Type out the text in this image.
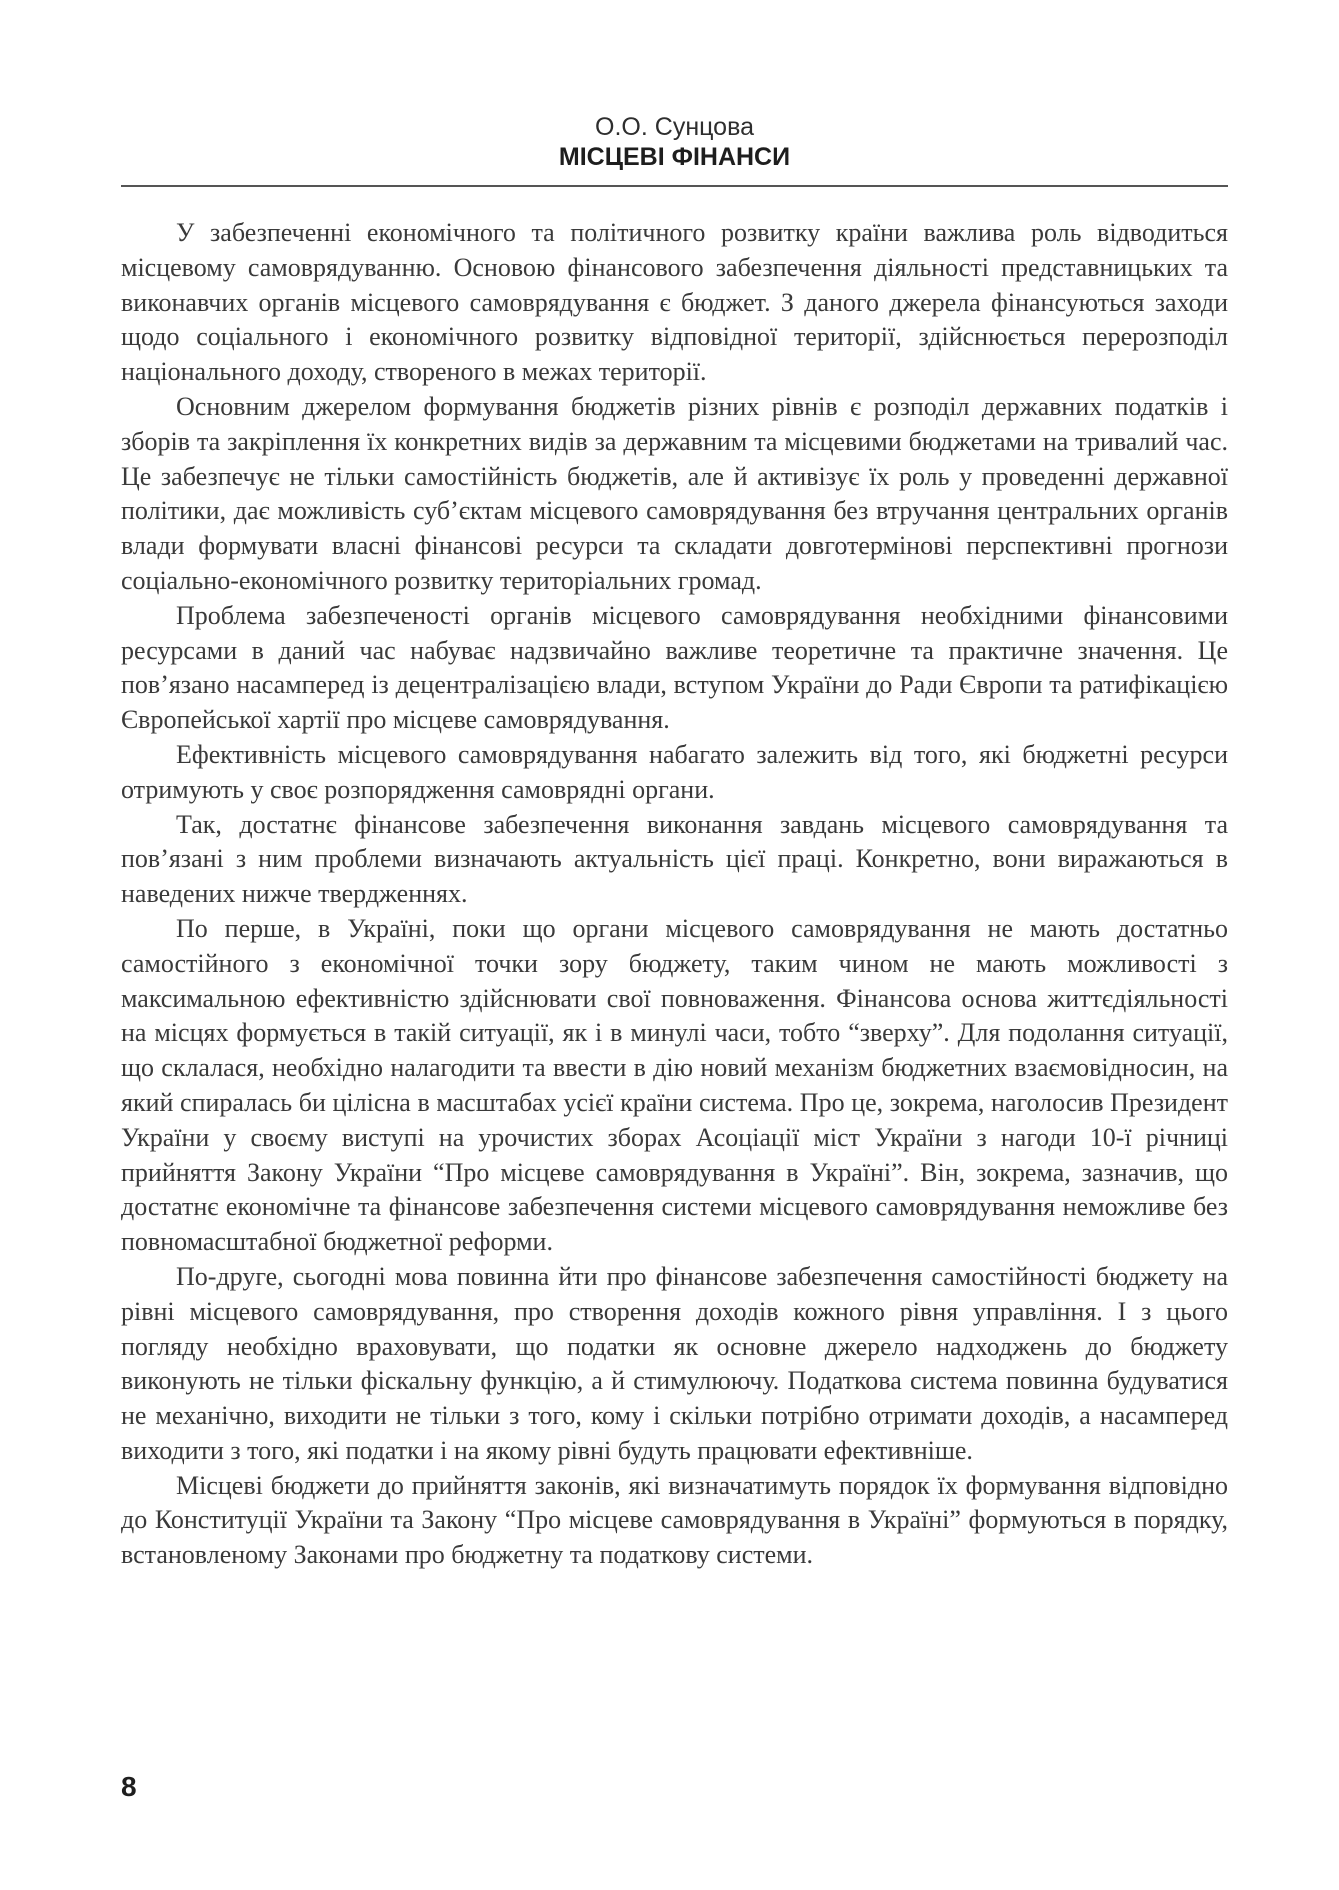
О.О. Сунцова
МІСЦЕВІ ФІНАНСИ

У забезпеченні економічного та політичного розвитку країни важлива роль відводиться місцевому самоврядуванню. Основою фінансового забезпечення діяльності представницьких та виконавчих органів місцевого самоврядування є бюджет. З даного джерела фінансуються заходи щодо соціального і економічного розвитку відповідної території, здійснюється перерозподіл національного доходу, створеного в межах території.

Основним джерелом формування бюджетів різних рівнів є розподіл державних податків і зборів та закріплення їх конкретних видів за державним та місцевими бюджетами на тривалий час. Це забезпечує не тільки самостійність бюджетів, але й активізує їх роль у проведенні державної політики, дає можливість суб’єктам місцевого самоврядування без втручання центральних органів влади формувати власні фінансові ресурси та складати довготермінові перспективні прогнози соціально-економічного розвитку територіальних громад.

Проблема забезпеченості органів місцевого самоврядування необхідними фінансовими ресурсами в даний час набуває надзвичайно важливе теоретичне та практичне значення. Це пов’язано насамперед із децентралізацією влади, вступом України до Ради Європи та ратифікацією Європейської хартії про місцеве самоврядування.

Ефективність місцевого самоврядування набагато залежить від того, які бюджетні ресурси отримують у своє розпорядження самоврядні органи.

Так, достатнє фінансове забезпечення виконання завдань місцевого самоврядування та пов’язані з ним проблеми визначають актуальність цієї праці. Конкретно, вони виражаються в наведених нижче твердженнях.

По перше, в Україні, поки що органи місцевого самоврядування не мають достатньо самостійного з економічної точки зору бюджету, таким чином не мають можливості з максимальною ефективністю здійснювати свої повноваження. Фінансова основа життєдіяльності на місцях формується в такій ситуації, як і в минулі часи, тобто “зверху”. Для подолання ситуації, що склалася, необхідно налагодити та ввести в дію новий механізм бюджетних взаємовідносин, на який спиралась би цілісна в масштабах усієї країни система. Про це, зокрема, наголосив Президент України у своєму виступі на урочистих зборах Асоціації міст України з нагоди 10-ї річниці прийняття Закону України “Про місцеве самоврядування в Україні”. Він, зокрема, зазначив, що достатнє економічне та фінансове забезпечення системи місцевого самоврядування неможливе без повномасштабної бюджетної реформи.

По-друге, сьогодні мова повинна йти про фінансове забезпечення самостійності бюджету на рівні місцевого самоврядування, про створення доходів кожного рівня управління. І з цього погляду необхідно враховувати, що податки як основне джерело надходжень до бюджету виконують не тільки фіскальну функцію, а й стимулюючу. Податкова система повинна будуватися не механічно, виходити не тільки з того, кому і скільки потрібно отримати доходів, а насамперед виходити з того, які податки і на якому рівні будуть працювати ефективніше.

Місцеві бюджети до прийняття законів, які визначатимуть порядок їх формування відповідно до Конституції України та Закону “Про місцеве самоврядування в Україні” формуються в порядку, встановленому Законами про бюджетну та податкову системи.

8
